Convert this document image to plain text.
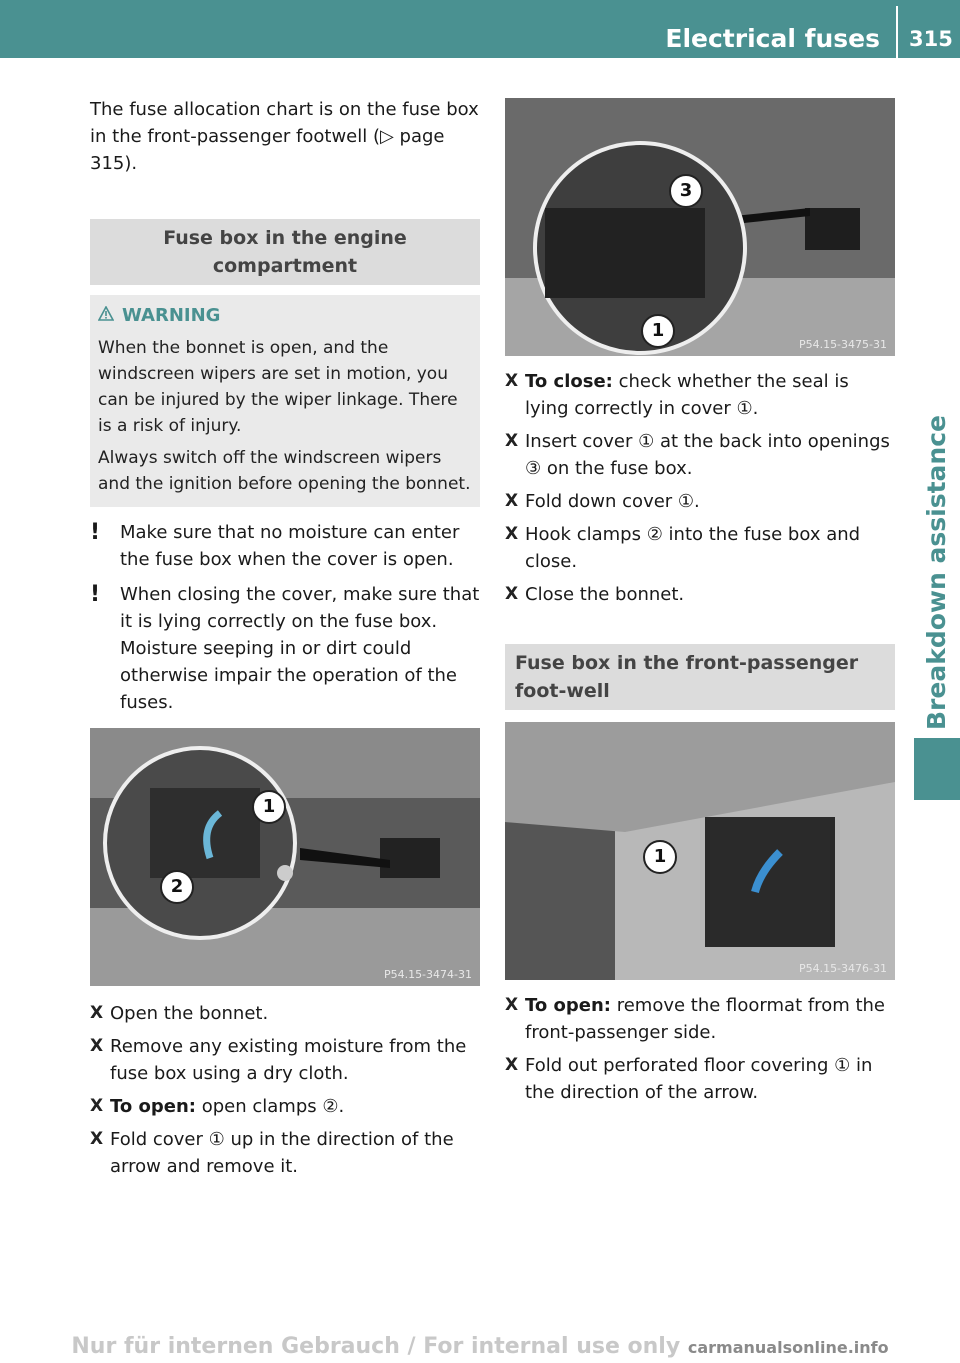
Electrical fuses 315
Breakdown assistance

The fuse allocation chart is on the fuse box in the front-passenger footwell (▷ page 315).

Fuse box in the engine compartment
WARNING

When the bonnet is open, and the windscreen wipers are set in motion, you can be injured by the wiper linkage. There is a risk of injury.

Always switch off the windscreen wipers and the ignition before opening the bonnet.

!	Make sure that no moisture can enter the fuse box when the cover is open.

!	When closing the cover, make sure that it is lying correctly on the fuse box. Moisture seeping in or dirt could otherwise impair the operation of the fuses.

1
2
P54.15-3474-31
X Open the bonnet.

X Remove any existing moisture from the fuse box using a dry cloth.

X To open: open clamps ②.

X Fold cover ① up in the direction of the arrow and remove it.

3
1
P54.15-3475-31
X To close: check whether the seal is lying correctly in cover ①.

X Insert cover ① at the back into openings ③ on the fuse box.

X Fold down cover ①.

X Hook clamps ② into the fuse box and close.

X Close the bonnet.

Fuse box in the front-passenger foot-well
1
P54.15-3476-31
X To open: remove the floormat from the front-passenger side.

X Fold out perforated floor covering ① in the direction of the arrow.

Nur für internen Gebrauch / For internal use only carmanualsonline.info
